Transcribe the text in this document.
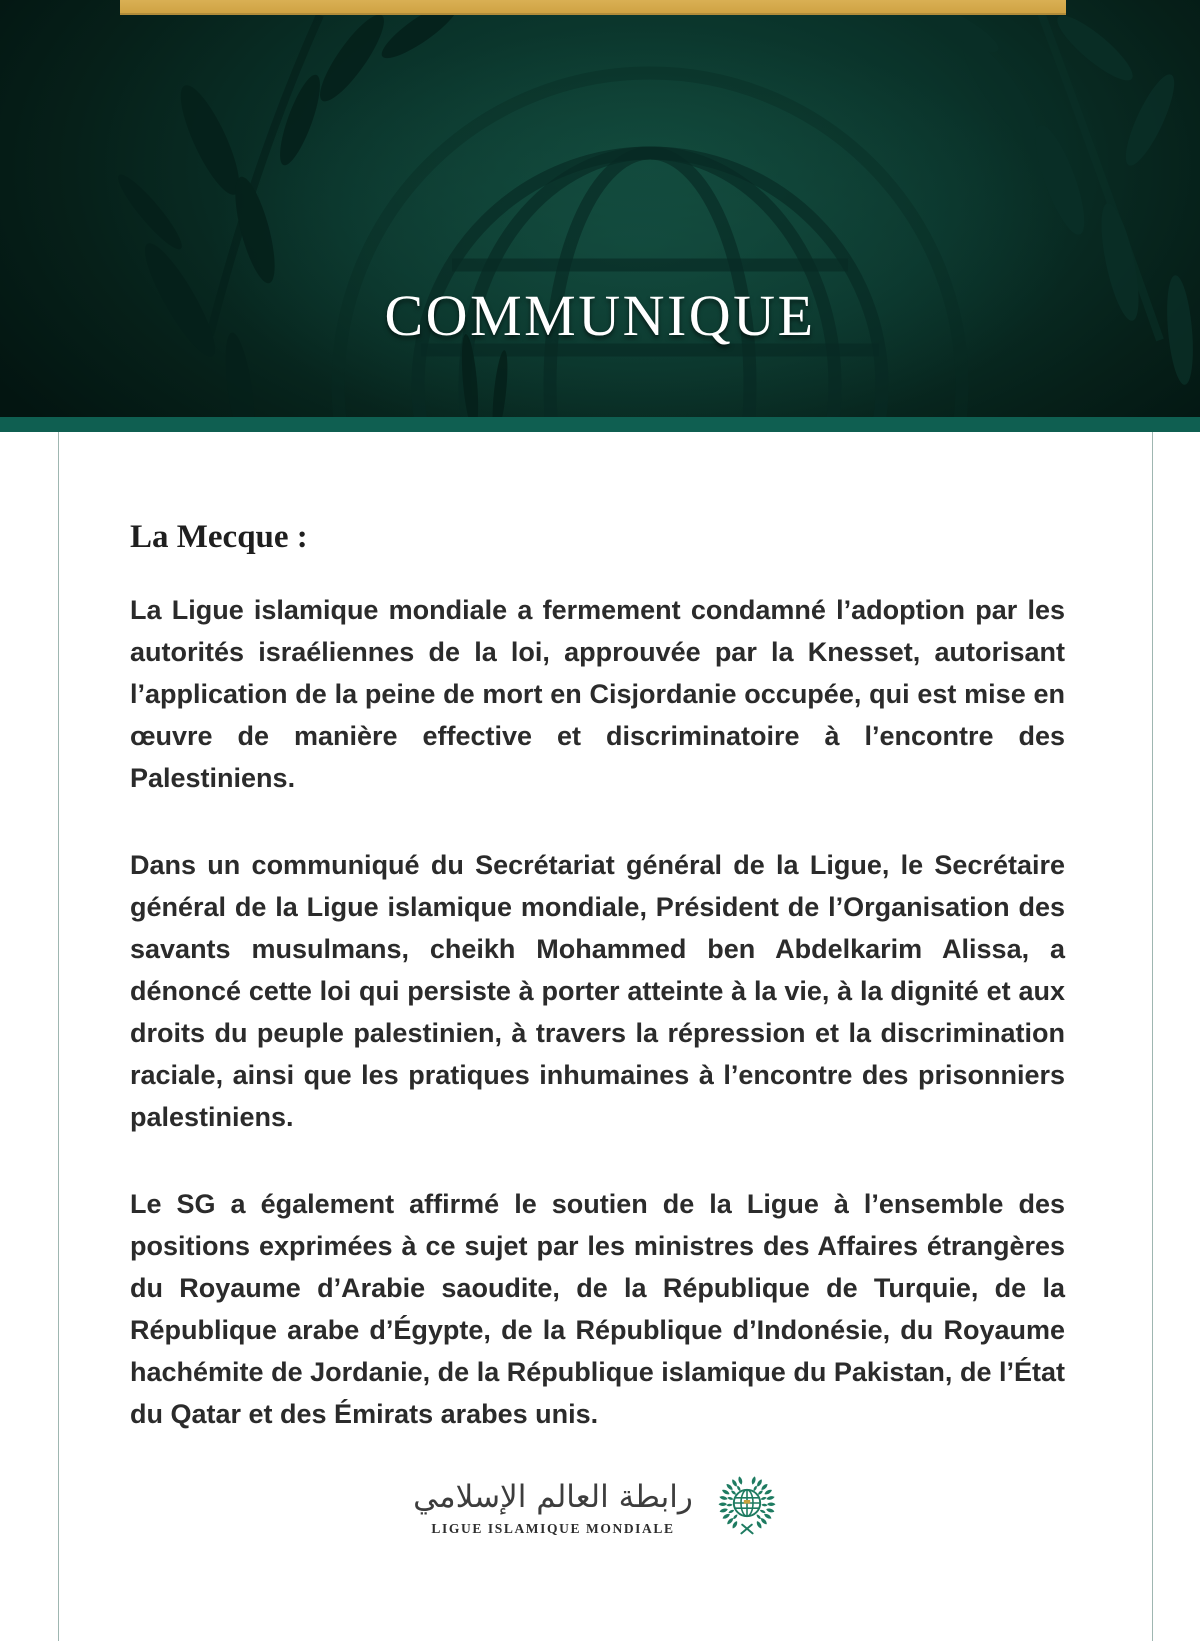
COMMUNIQUE
La Mecque :

La Ligue islamique mondiale a fermement condamné l’adoption par les autorités israéliennes de la loi, approuvée par la Knesset, autorisant l’application de la peine de mort en Cisjordanie occupée, qui est mise en œuvre de manière effective et discriminatoire à l’encontre des Palestiniens.

Dans un communiqué du Secrétariat général de la Ligue, le Secrétaire général de la Ligue islamique mondiale, Président de l’Organisation des savants musulmans, cheikh Mohammed ben Abdelkarim Alissa, a dénoncé cette loi qui persiste à porter atteinte à la vie, à la dignité et aux droits du peuple palestinien, à travers la répression et la discrimination raciale, ainsi que les pratiques inhumaines à l’encontre des prisonniers palestiniens.

Le SG a également affirmé le soutien de la Ligue à l’ensemble des positions exprimées à ce sujet par les ministres des Affaires étrangères du Royaume d’Arabie saoudite, de la République de Turquie, de la République arabe d’Égypte, de la République d’Indonésie, du Royaume hachémite de Jordanie, de la République islamique du Pakistan, de l’État du Qatar et des Émirats arabes unis.

رابطة العالم الإسلامي
LIGUE ISLAMIQUE MONDIALE
